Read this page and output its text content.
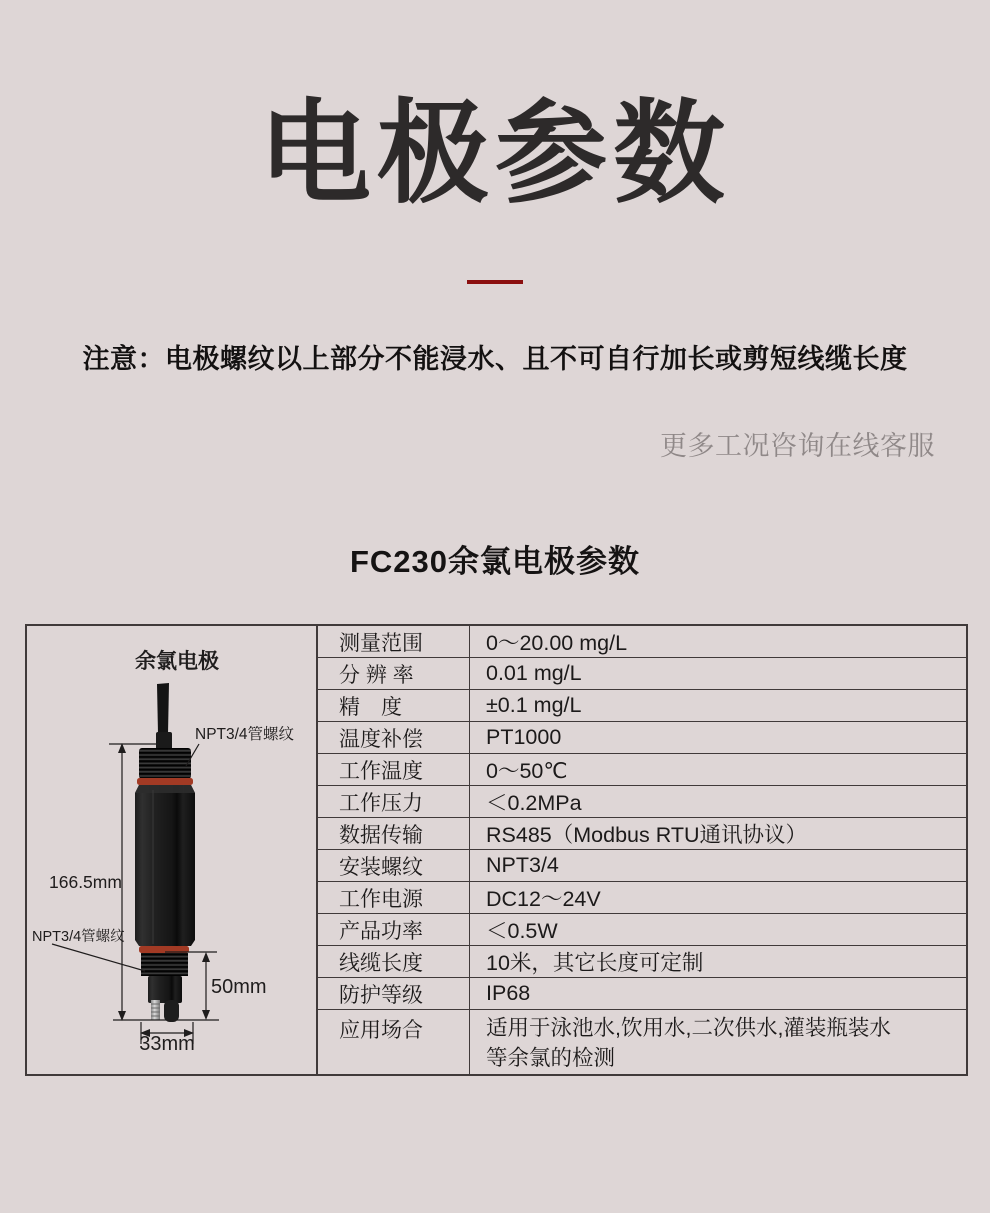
电极参数

注意：电极螺纹以上部分不能浸水、且不可自行加长或剪短线缆长度

更多工况咨询在线客服

FC230余氯电极参数
余氯电极
NPT3/4管螺纹
NPT3/4管螺纹
166.5mm
50mm
33mm
测量范围	0～20.00 mg/L
分 辨 率	0.01 mg/L
精　度	±0.1 mg/L
温度补偿	PT1000
工作温度	0～50℃
工作压力	＜0.2MPa
数据传输	RS485（Modbus RTU通讯协议）
安装螺纹	NPT3/4
工作电源	DC12～24V
产品功率	＜0.5W
线缆长度	10米，其它长度可定制
防护等级	IP68
应用场合	适用于泳池水,饮用水,二次供水,灌装瓶装水等余氯的检测
